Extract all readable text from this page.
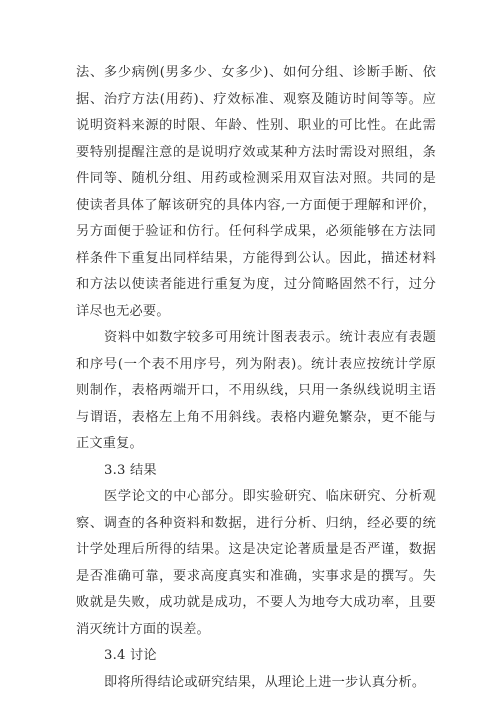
法、多少病例(男多少、女多少)、如何分组、诊断手断、依
据、治疗方法(用药)、疗效标准、观察及随访时间等等。应
说明资料来源的时限、年龄、性别、职业的可比性。在此需
要特别提醒注意的是说明疗效或某种方法时需设对照组，条
件同等、随机分组、用药或检测采用双盲法对照。共同的是
使读者具体了解该研究的具体内容,一方面便于理解和评价，
另方面便于验证和仿行。任何科学成果，必须能够在方法同
样条件下重复出同样结果，方能得到公认。因此，描述材料
和方法以使读者能进行重复为度，过分简略固然不行，过分
详尽也无必要。
资料中如数字较多可用统计图表表示。统计表应有表题
和序号(一个表不用序号，列为附表)。统计表应按统计学原
则制作，表格两端开口，不用纵线，只用一条纵线说明主语
与谓语，表格左上角不用斜线。表格内避免繁杂，更不能与
正文重复。
3.3 结果
医学论文的中心部分。即实验研究、临床研究、分析观
察、调查的各种资料和数据，进行分析、归纳，经必要的统
计学处理后所得的结果。这是决定论著质量是否严谨，数据
是否准确可靠，要求高度真实和准确，实事求是的撰写。失
败就是失败，成功就是成功，不要人为地夸大成功率，且要
消灭统计方面的误差。
3.4 讨论
即将所得结论或研究结果，从理论上进一步认真分析。
